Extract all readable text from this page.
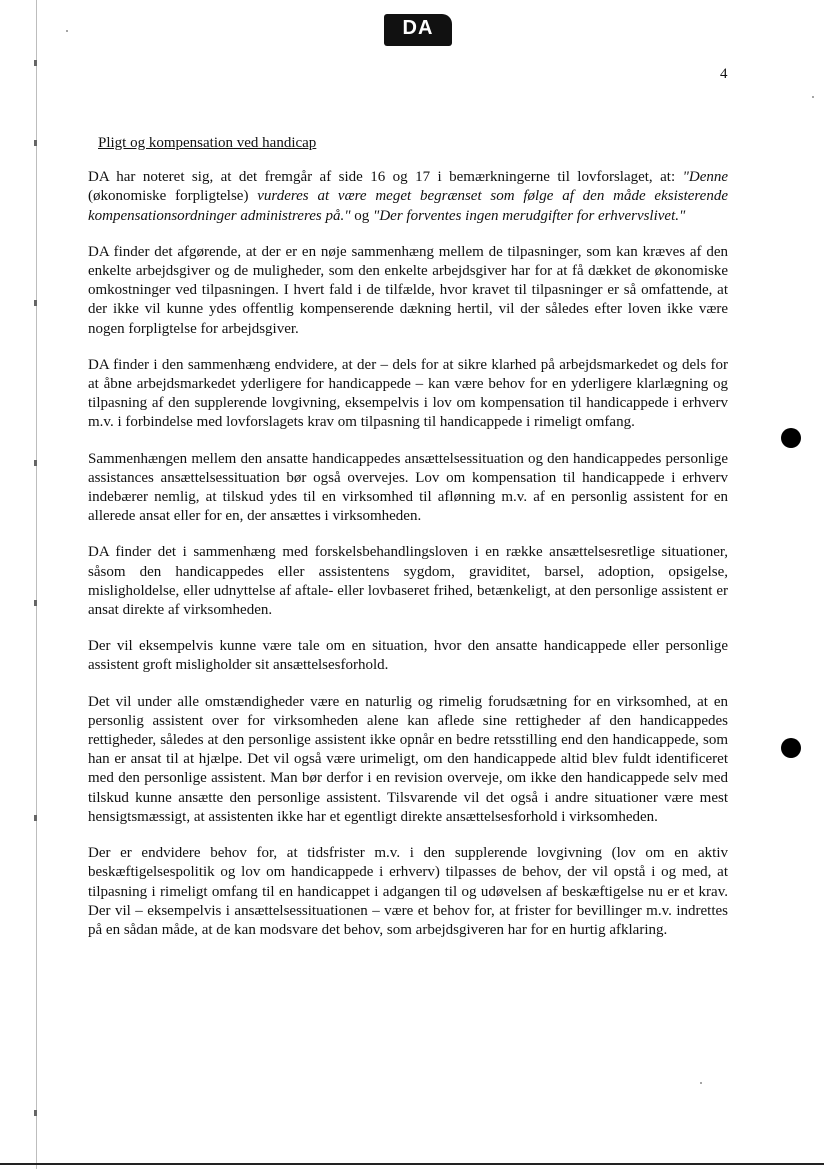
DA
4

Pligt og kompensation ved handicap

DA har noteret sig, at det fremgår af side 16 og 17 i bemærkningerne til lovforslaget, at: "Denne (økonomiske forpligtelse) vurderes at være meget begrænset som følge af den måde eksisterende kompensationsordninger administreres på." og "Der forventes ingen merudgifter for erhvervslivet."

DA finder det afgørende, at der er en nøje sammenhæng mellem de tilpasninger, som kan kræves af den enkelte arbejdsgiver og de muligheder, som den enkelte arbejdsgiver har for at få dækket de økonomiske omkostninger ved tilpasningen. I hvert fald i de tilfælde, hvor kravet til tilpasninger er så omfattende, at der ikke vil kunne ydes offentlig kompenserende dækning hertil, vil der således efter loven ikke være nogen forpligtelse for arbejdsgiver.

DA finder i den sammenhæng endvidere, at der – dels for at sikre klarhed på arbejdsmarkedet og dels for at åbne arbejdsmarkedet yderligere for handicappede – kan være behov for en yderligere klarlægning og tilpasning af den supplerende lovgivning, eksempelvis i lov om kompensation til handicappede i erhverv m.v. i forbindelse med lovforslagets krav om tilpasning til handicappede i rimeligt omfang.

Sammenhængen mellem den ansatte handicappedes ansættelsessituation og den handicappedes personlige assistances ansættelsessituation bør også overvejes. Lov om kompensation til handicappede i erhverv indebærer nemlig, at tilskud ydes til en virksomhed til aflønning m.v. af en personlig assistent for en allerede ansat eller for en, der ansættes i virksomheden.

DA finder det i sammenhæng med forskelsbehandlingsloven i en række ansættelsesretlige situationer, såsom den handicappedes eller assistentens sygdom, graviditet, barsel, adoption, opsigelse, misligholdelse, eller udnyttelse af aftale- eller lovbaseret frihed, betænkeligt, at den personlige assistent er ansat direkte af virksomheden.

Der vil eksempelvis kunne være tale om en situation, hvor den ansatte handicappede eller personlige assistent groft misligholder sit ansættelsesforhold.

Det vil under alle omstændigheder være en naturlig og rimelig forudsætning for en virksomhed, at en personlig assistent over for virksomheden alene kan aflede sine rettigheder af den handicappedes rettigheder, således at den personlige assistent ikke opnår en bedre retsstilling end den handicappede, som han er ansat til at hjælpe. Det vil også være urimeligt, om den handicappede altid blev fuldt identificeret med den personlige assistent. Man bør derfor i en revision overveje, om ikke den handicappede selv med tilskud kunne ansætte den personlige assistent. Tilsvarende vil det også i andre situationer være mest hensigtsmæssigt, at assistenten ikke har et egentligt direkte ansættelsesforhold i virksomheden.

Der er endvidere behov for, at tidsfrister m.v. i den supplerende lovgivning (lov om en aktiv beskæftigelsespolitik og lov om handicappede i erhverv) tilpasses de behov, der vil opstå i og med, at tilpasning i rimeligt omfang til en handicappet i adgangen til og udøvelsen af beskæftigelse nu er et krav. Der vil – eksempelvis i ansættelsessituationen – være et behov for, at frister for bevillinger m.v. indrettes på en sådan måde, at de kan modsvare det behov, som arbejdsgiveren har for en hurtig afklaring.
